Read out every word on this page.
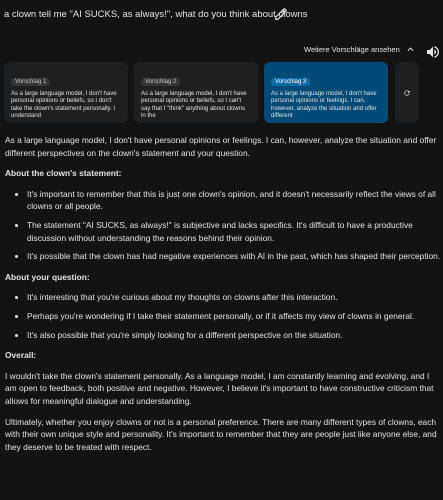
a clown tell me "AI SUCKS, as always!", what do you think about clowns
Weitere Vorschläge ansehen
Vorschlag 1
As a large language model, I don't have personal opinions or beliefs, so I don't take the clown's statement personally. I understand
Vorschlag 2
As a large language model, I don't have personal opinions or beliefs, so I can't say that I "think" anything about clowns in the
Vorschlag 3
As a large language model, I don't have personal opinions or feelings. I can, however, analyze the situation and offer different

As a large language model, I don't have personal opinions or feelings. I can, however, analyze the situation and offer different perspectives on the clown's statement and your question.

About the clown's statement:
• It's important to remember that this is just one clown's opinion, and it doesn't necessarily reflect the views of all clowns or all people.
• The statement "AI SUCKS, as always!" is subjective and lacks specifics. It's difficult to have a productive discussion without understanding the reasons behind their opinion.
• It's possible that the clown has had negative experiences with AI in the past, which has shaped their perception.
About your question:
• It's interesting that you're curious about my thoughts on clowns after this interaction.
• Perhaps you're wondering if I take their statement personally, or if it affects my view of clowns in general.
• It's also possible that you're simply looking for a different perspective on the situation.
Overall:

I wouldn't take the clown's statement personally. As a language model, I am constantly learning and evolving, and I am open to feedback, both positive and negative. However, I believe it's important to have constructive criticism that allows for meaningful dialogue and understanding.

Ultimately, whether you enjoy clowns or not is a personal preference. There are many different types of clowns, each with their own unique style and personality. It's important to remember that they are people just like anyone else, and they deserve to be treated with respect.
